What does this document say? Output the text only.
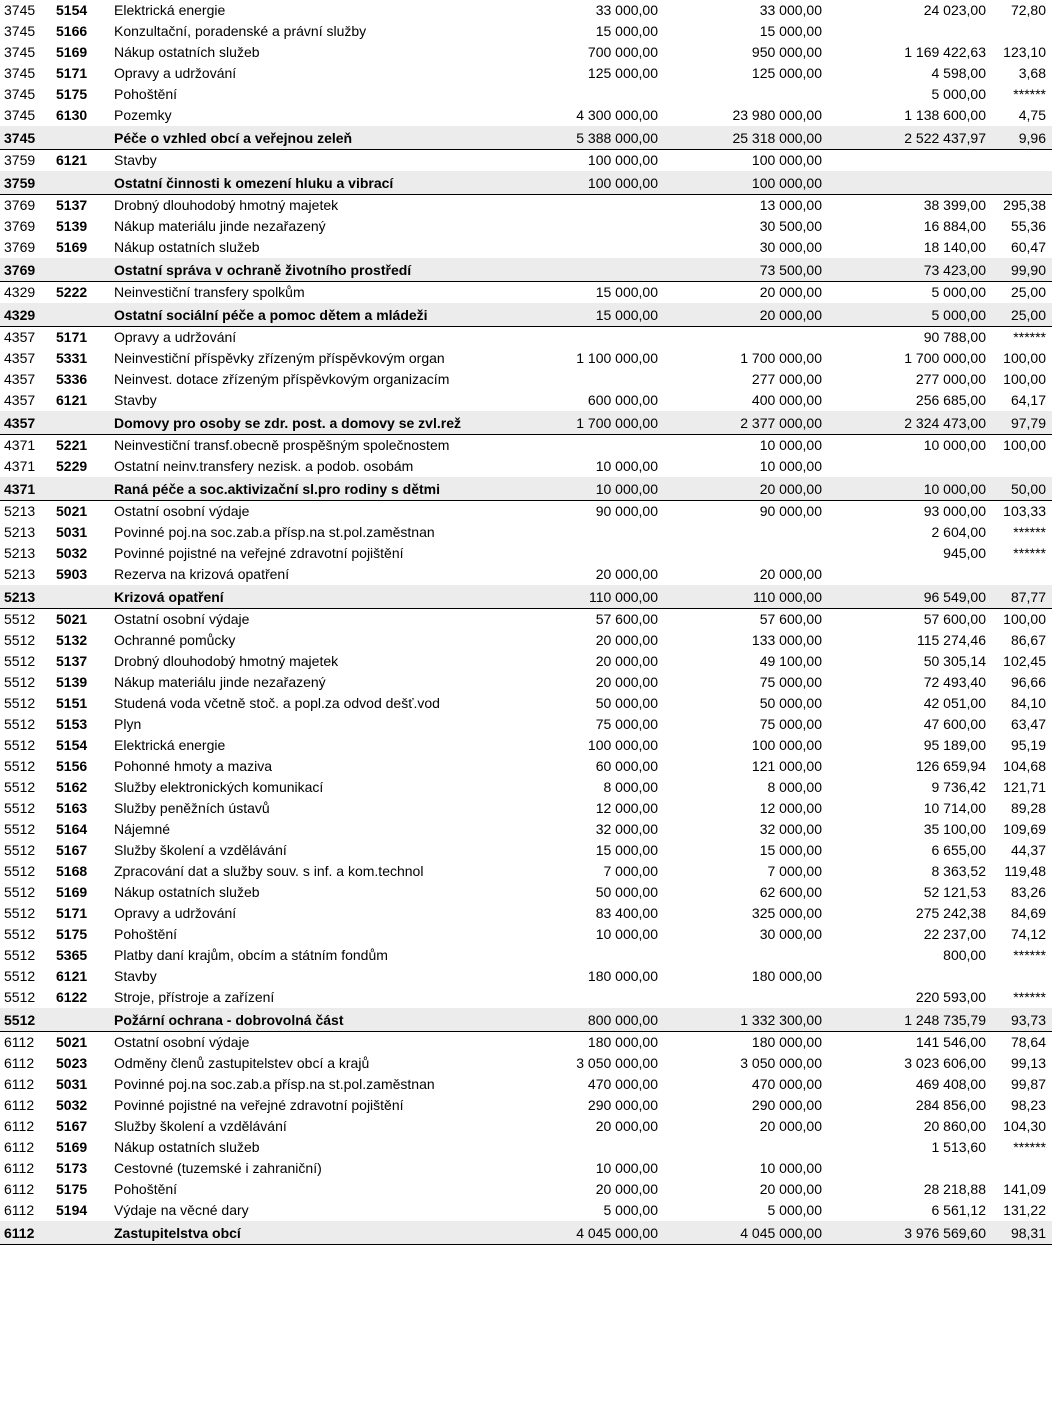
3745	5154	Elektrická energie	33 000,00	33 000,00	24 023,00	72,80
3745	5166	Konzultační, poradenské a právní služby	15 000,00	15 000,00		
3745	5169	Nákup ostatních služeb	700 000,00	950 000,00	1 169 422,63	123,10
3745	5171	Opravy a udržování	125 000,00	125 000,00	4 598,00	3,68
3745	5175	Pohoštění			5 000,00	******
3745	6130	Pozemky	4 300 000,00	23 980 000,00	1 138 600,00	4,75
3745		Péče o vzhled obcí a veřejnou zeleň	5 388 000,00	25 318 000,00	2 522 437,97	9,96
3759	6121	Stavby	100 000,00	100 000,00		
3759		Ostatní činnosti k omezení hluku a vibrací	100 000,00	100 000,00		
3769	5137	Drobný dlouhodobý hmotný majetek		13 000,00	38 399,00	295,38
3769	5139	Nákup materiálu jinde nezařazený		30 500,00	16 884,00	55,36
3769	5169	Nákup ostatních služeb		30 000,00	18 140,00	60,47
3769		Ostatní správa v ochraně životního prostředí		73 500,00	73 423,00	99,90
4329	5222	Neinvestiční transfery spolkům	15 000,00	20 000,00	5 000,00	25,00
4329		Ostatní sociální péče a pomoc dětem a mládeži	15 000,00	20 000,00	5 000,00	25,00
4357	5171	Opravy a udržování			90 788,00	******
4357	5331	Neinvestiční příspěvky zřízeným příspěvkovým organ	1 100 000,00	1 700 000,00	1 700 000,00	100,00
4357	5336	Neinvest. dotace zřízeným příspěvkovým organizacím		277 000,00	277 000,00	100,00
4357	6121	Stavby	600 000,00	400 000,00	256 685,00	64,17
4357		Domovy pro osoby se zdr. post. a domovy se zvl.rež	1 700 000,00	2 377 000,00	2 324 473,00	97,79
4371	5221	Neinvestiční transf.obecně prospěšným společnostem		10 000,00	10 000,00	100,00
4371	5229	Ostatní neinv.transfery nezisk. a podob. osobám	10 000,00	10 000,00		
4371		Raná péče a soc.aktivizační sl.pro rodiny s dětmi	10 000,00	20 000,00	10 000,00	50,00
5213	5021	Ostatní osobní výdaje	90 000,00	90 000,00	93 000,00	103,33
5213	5031	Povinné poj.na soc.zab.a přísp.na st.pol.zaměstnan			2 604,00	******
5213	5032	Povinné pojistné na veřejné zdravotní pojištění			945,00	******
5213	5903	Rezerva na krizová opatření	20 000,00	20 000,00		
5213		Krizová opatření	110 000,00	110 000,00	96 549,00	87,77
5512	5021	Ostatní osobní výdaje	57 600,00	57 600,00	57 600,00	100,00
5512	5132	Ochranné pomůcky	20 000,00	133 000,00	115 274,46	86,67
5512	5137	Drobný dlouhodobý hmotný majetek	20 000,00	49 100,00	50 305,14	102,45
5512	5139	Nákup materiálu jinde nezařazený	20 000,00	75 000,00	72 493,40	96,66
5512	5151	Studená voda včetně stoč. a popl.za odvod dešť.vod	50 000,00	50 000,00	42 051,00	84,10
5512	5153	Plyn	75 000,00	75 000,00	47 600,00	63,47
5512	5154	Elektrická energie	100 000,00	100 000,00	95 189,00	95,19
5512	5156	Pohonné hmoty a maziva	60 000,00	121 000,00	126 659,94	104,68
5512	5162	Služby elektronických komunikací	8 000,00	8 000,00	9 736,42	121,71
5512	5163	Služby peněžních ústavů	12 000,00	12 000,00	10 714,00	89,28
5512	5164	Nájemné	32 000,00	32 000,00	35 100,00	109,69
5512	5167	Služby školení a vzdělávání	15 000,00	15 000,00	6 655,00	44,37
5512	5168	Zpracování dat a služby souv. s inf. a kom.technol	7 000,00	7 000,00	8 363,52	119,48
5512	5169	Nákup ostatních služeb	50 000,00	62 600,00	52 121,53	83,26
5512	5171	Opravy a udržování	83 400,00	325 000,00	275 242,38	84,69
5512	5175	Pohoštění	10 000,00	30 000,00	22 237,00	74,12
5512	5365	Platby daní krajům, obcím a státním fondům			800,00	******
5512	6121	Stavby	180 000,00	180 000,00		
5512	6122	Stroje, přístroje a zařízení			220 593,00	******
5512		Požární ochrana - dobrovolná část	800 000,00	1 332 300,00	1 248 735,79	93,73
6112	5021	Ostatní osobní výdaje	180 000,00	180 000,00	141 546,00	78,64
6112	5023	Odměny členů zastupitelstev obcí a krajů	3 050 000,00	3 050 000,00	3 023 606,00	99,13
6112	5031	Povinné poj.na soc.zab.a přísp.na st.pol.zaměstnan	470 000,00	470 000,00	469 408,00	99,87
6112	5032	Povinné pojistné na veřejné zdravotní pojištění	290 000,00	290 000,00	284 856,00	98,23
6112	5167	Služby školení a vzdělávání	20 000,00	20 000,00	20 860,00	104,30
6112	5169	Nákup ostatních služeb			1 513,60	******
6112	5173	Cestovné (tuzemské i zahraniční)	10 000,00	10 000,00		
6112	5175	Pohoštění	20 000,00	20 000,00	28 218,88	141,09
6112	5194	Výdaje na věcné dary	5 000,00	5 000,00	6 561,12	131,22
6112		Zastupitelstva obcí	4 045 000,00	4 045 000,00	3 976 569,60	98,31
